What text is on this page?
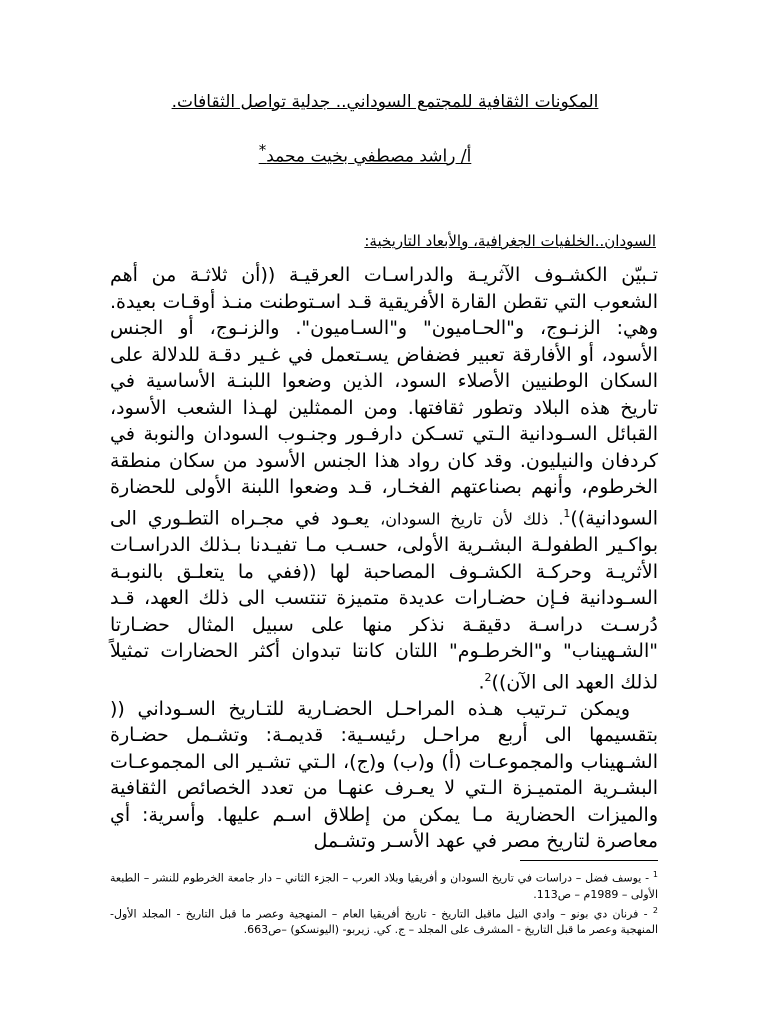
المكونات الثقافية للمجتمع السوداني.. جدلية تواصل الثقافات.
أ/ راشد مصطفي بخيت محمد*
السودان..الخلفيات الجغرافية، والأبعاد التاريخية:

تـبيّن الكشـوف الآثريـة والدراسـات العرقيـة ((أن ثلاثـة من أهم الشعوب التي تقطن القارة الأفريقية قـد اسـتوطنت منـذ أوقـات بعيدة. وهي: الزنـوج، و"الحـاميون" و"السـاميون". والزنـوج، أو الجنس الأسود، أو الأفارقة تعبير فضفاض يسـتعمل في غـير دقـة للدلالة على السكان الوطنيين الأصلاء السود، الذين وضعوا اللبنـة الأساسية في تاريخ هذه البلاد وتطور ثقافتها. ومن الممثلين لهـذا الشعب الأسود، القبائل السـودانية الـتي تسـكن دارفـور وجنـوب السودان والنوبة في كردفان والنيليون. وقد كان رواد هذا الجنس الأسود من سكان منطقة الخرطوم، وأنهم بصناعتهم الفخـار، قـد وضعوا اللبنة الأولى للحضارة السودانية))$^1$. ذلك لأن تاريخ السودان، يعـود في مجـراه التطـوري الى بواكـير الطفولـة البشـرية الأولى، حسـب مـا تفيـدنا بـذلك الدراسـات الأثريـة وحركـة الكشـوف المصاحبة لها ((ففي ما يتعلـق بالنوبـة السـودانية فـإن حضـارات عديدة متميزة تنتسب الى ذلك العهد، قـد دُرسـت دراسـة دقيقـة نذكر منها على سبيل المثال حضـارتا "الشـهيناب" و"الخرطـوم" اللتان كانتا تبدوان أكثر الحضارات تمثيلاً لذلك العهد الى الآن))$^2$.

ويمكن تـرتيب هـذه المراحـل الحضـارية للتـاريخ السـوداني (( بتقسيمها الى أربع مراحـل رئيسـية: قديمـة: وتشـمل حضـارة الشـهيناب والمجموعـات (أ) و(ب) و(ج)، الـتي تشـير الى المجموعـات البشـرية المتميـزة الـتي لا يعـرف عنهـا من تعدد الخصائص الثقافية والميزات الحضارية مـا يمكن من إطلاق اسـم عليها. وأسرية: أي معاصرة لتاريخ مصر في عهد الأسـر وتشـمل

$^1$ - يوسف فضل – دراسات في تاريخ السودان و أفريقيا وبلاد العرب – الجزء الثاني – دار جامعة الخرطوم للنشر – الطبعة الأولى – 1989م – ص113.

$^2$ - فرنان دي بونو – وادي النيل ماقبل التاريخ - تاريخ أفريقيا العام – المنهجية وعصر ما قبل التاريخ - المجلد الأول- المنهجية وعصر ما قبل التاريخ - المشرف على المجلد – ج. كي. زيربو- (اليونسكو) –ص663.
